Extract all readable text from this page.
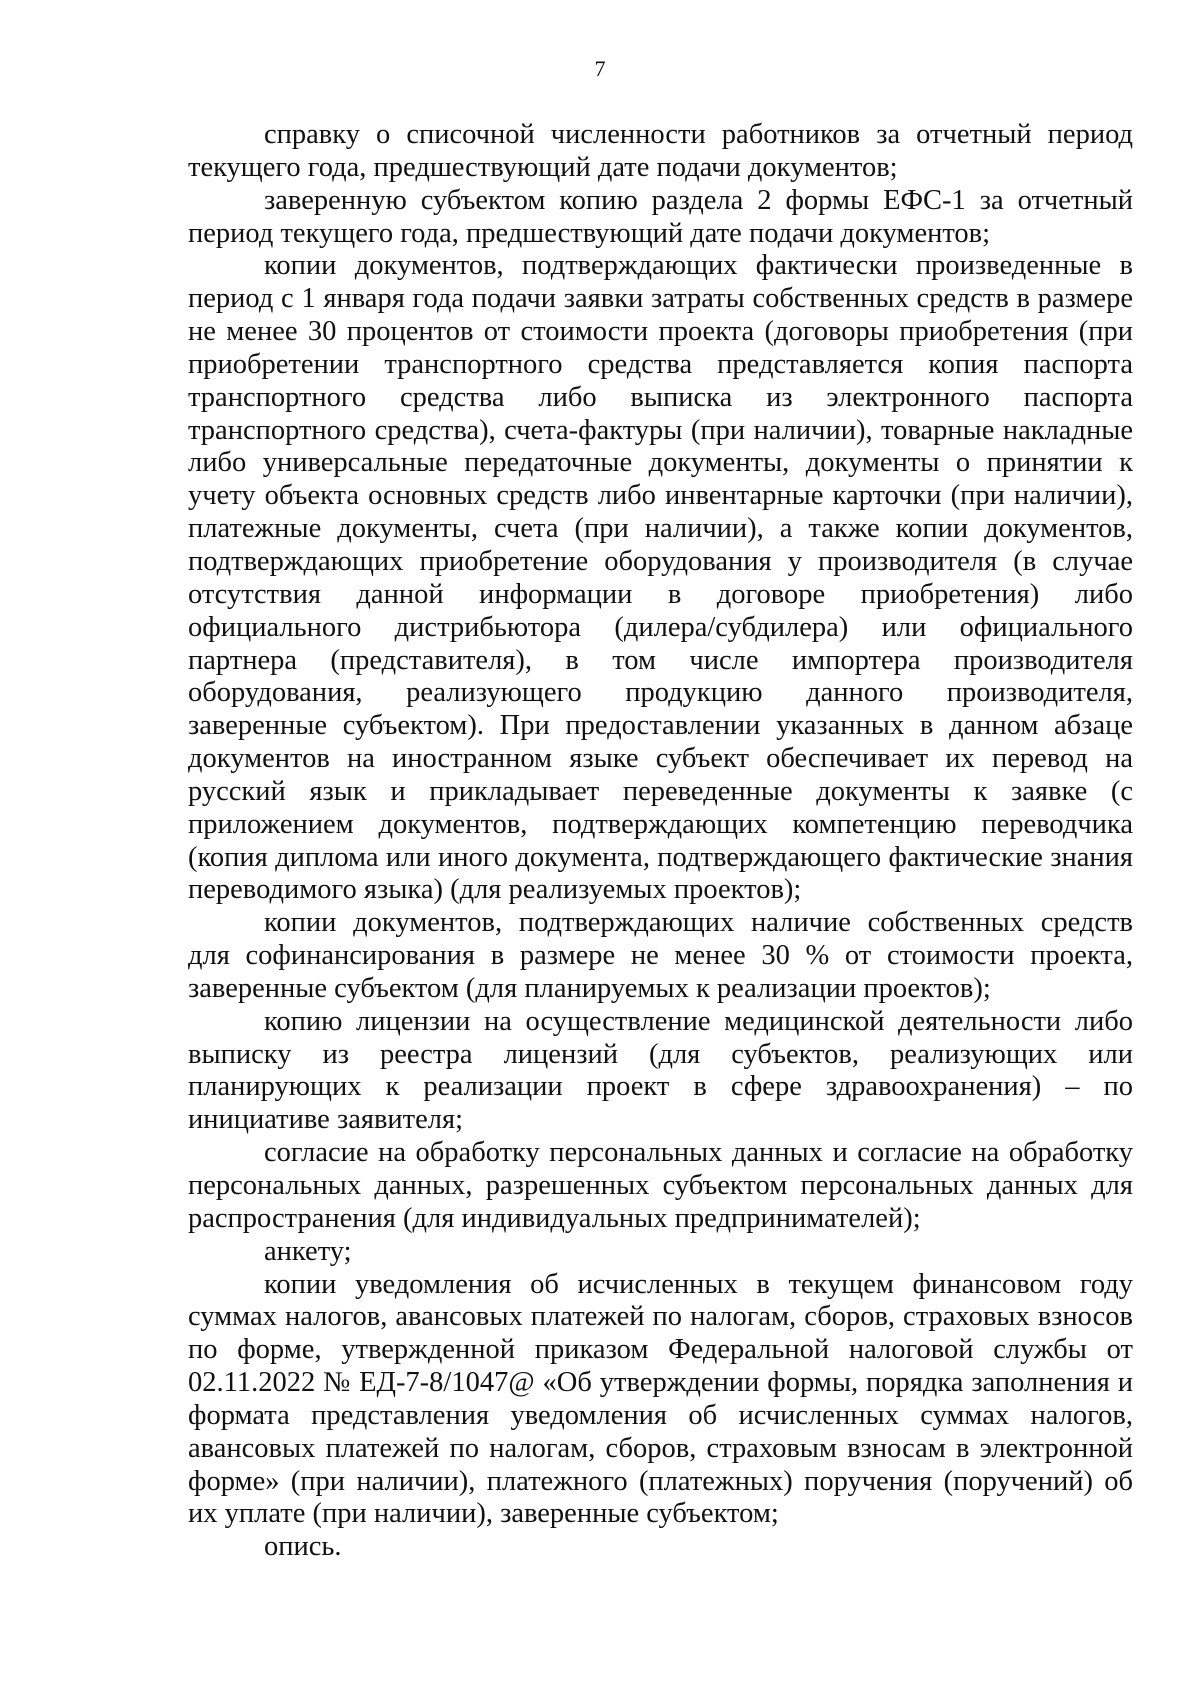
7

справку о списочной численности работников за отчетный период текущего года, предшествующий дате подачи документов;

заверенную субъектом копию раздела 2 формы ЕФС-1 за отчетный период текущего года, предшествующий дате подачи документов;

копии документов, подтверждающих фактически произведенные в период с 1 января года подачи заявки затраты собственных средств в размере не менее 30 процентов от стоимости проекта (договоры приобретения (при приобретении транспортного средства представляется копия паспорта транспортного средства либо выписка из электронного паспорта транспортного средства), счета-фактуры (при наличии), товарные накладные либо универсальные передаточные документы, документы о принятии к учету объекта основных средств либо инвентарные карточки (при наличии), платежные документы, счета (при наличии), а также копии документов, подтверждающих приобретение оборудования у производителя (в случае отсутствия данной информации в договоре приобретения) либо официального дистрибьютора (дилера/субдилера) или официального партнера (представителя), в том числе импортера производителя оборудования, реализующего продукцию данного производителя, заверенные субъектом). При предоставлении указанных в данном абзаце документов на иностранном языке субъект обеспечивает их перевод на русский язык и прикладывает переведенные документы к заявке (с приложением документов, подтверждающих компетенцию переводчика (копия диплома или иного документа, подтверждающего фактические знания переводимого языка) (для реализуемых проектов);

копии документов, подтверждающих наличие собственных средств для софинансирования в размере не менее 30 % от стоимости проекта, заверенные субъектом (для планируемых к реализации проектов);

копию лицензии на осуществление медицинской деятельности либо выписку из реестра лицензий (для субъектов, реализующих или планирующих к реализации проект в сфере здравоохранения) – по инициативе заявителя;

согласие на обработку персональных данных и согласие на обработку персональных данных, разрешенных субъектом персональных данных для распространения (для индивидуальных предпринимателей);

анкету;

копии уведомления об исчисленных в текущем финансовом году суммах налогов, авансовых платежей по налогам, сборов, страховых взносов по форме, утвержденной приказом Федеральной налоговой службы от 02.11.2022 № ЕД-7-8/1047@ «Об утверждении формы, порядка заполнения и формата представления уведомления об исчисленных суммах налогов, авансовых платежей по налогам, сборов, страховым взносам в электронной форме» (при наличии), платежного (платежных) поручения (поручений) об их уплате (при наличии), заверенные субъектом;

опись.
